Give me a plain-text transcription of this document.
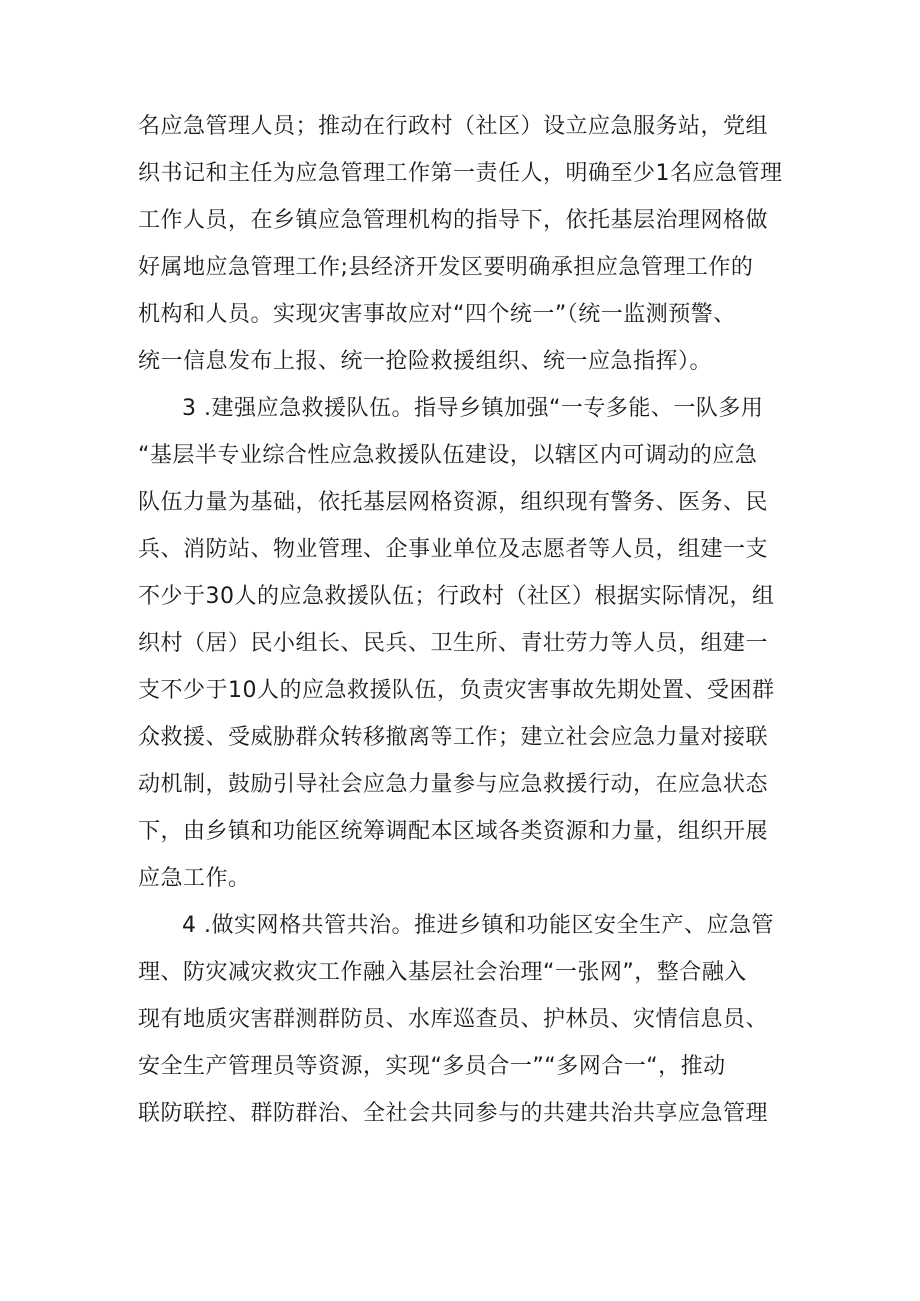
名应急管理人员；推动在行政村（社区）设立应急服务站，党组
织书记和主任为应急管理工作第一责任人，明确至少1名应急管理
工作人员，在乡镇应急管理机构的指导下，依托基层治理网格做
好属地应急管理工作;县经济开发区要明确承担应急管理工作的
机构和人员。实现灾害事故应对“四个统一”（统一监测预警、
统一信息发布上报、统一抢险救援组织、统一应急指挥）。
3 .建强应急救援队伍。指导乡镇加强“一专多能、一队多用
“基层半专业综合性应急救援队伍建设，以辖区内可调动的应急
队伍力量为基础，依托基层网格资源，组织现有警务、医务、民
兵、消防站、物业管理、企事业单位及志愿者等人员，组建一支
不少于30人的应急救援队伍；行政村（社区）根据实际情况，组
织村（居）民小组长、民兵、卫生所、青壮劳力等人员，组建一
支不少于10人的应急救援队伍，负责灾害事故先期处置、受困群
众救援、受威胁群众转移撤离等工作；建立社会应急力量对接联
动机制，鼓励引导社会应急力量参与应急救援行动，在应急状态
下，由乡镇和功能区统筹调配本区域各类资源和力量，组织开展
应急工作。
4 .做实网格共管共治。推进乡镇和功能区安全生产、应急管
理、防灾减灾救灾工作融入基层社会治理“一张网”，整合融入
现有地质灾害群测群防员、水库巡查员、护林员、灾情信息员、
安全生产管理员等资源，实现“多员合一”“多网合一“，推动
联防联控、群防群治、全社会共同参与的共建共治共享应急管理
